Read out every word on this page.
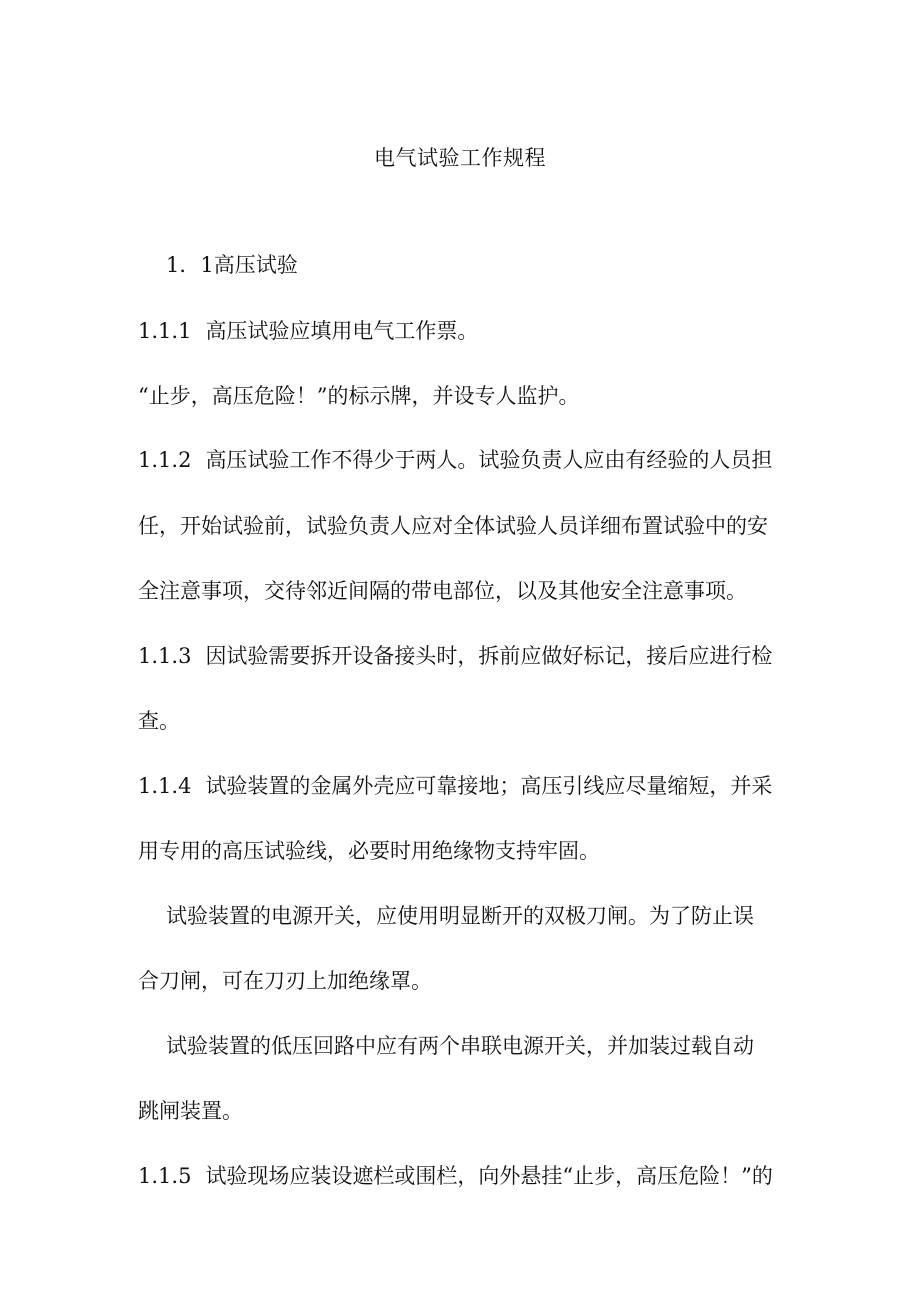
电气试验工作规程
1．1高压试验
1.1.1 高压试验应填用电气工作票。
“止步，高压危险！”的标示牌，并设专人监护。
1.1.2 高压试验工作不得少于两人。试验负责人应由有经验的人员担
任，开始试验前，试验负责人应对全体试验人员详细布置试验中的安
全注意事项，交待邻近间隔的带电部位，以及其他安全注意事项。
1.1.3 因试验需要拆开设备接头时，拆前应做好标记，接后应进行检
查。
1.1.4 试验装置的金属外壳应可靠接地；高压引线应尽量缩短，并采
用专用的高压试验线，必要时用绝缘物支持牢固。
试验装置的电源开关，应使用明显断开的双极刀闸。为了防止误
合刀闸，可在刀刃上加绝缘罩。
试验装置的低压回路中应有两个串联电源开关，并加装过载自动
跳闸装置。
1.1.5 试验现场应装设遮栏或围栏，向外悬挂“止步，高压危险！”的
